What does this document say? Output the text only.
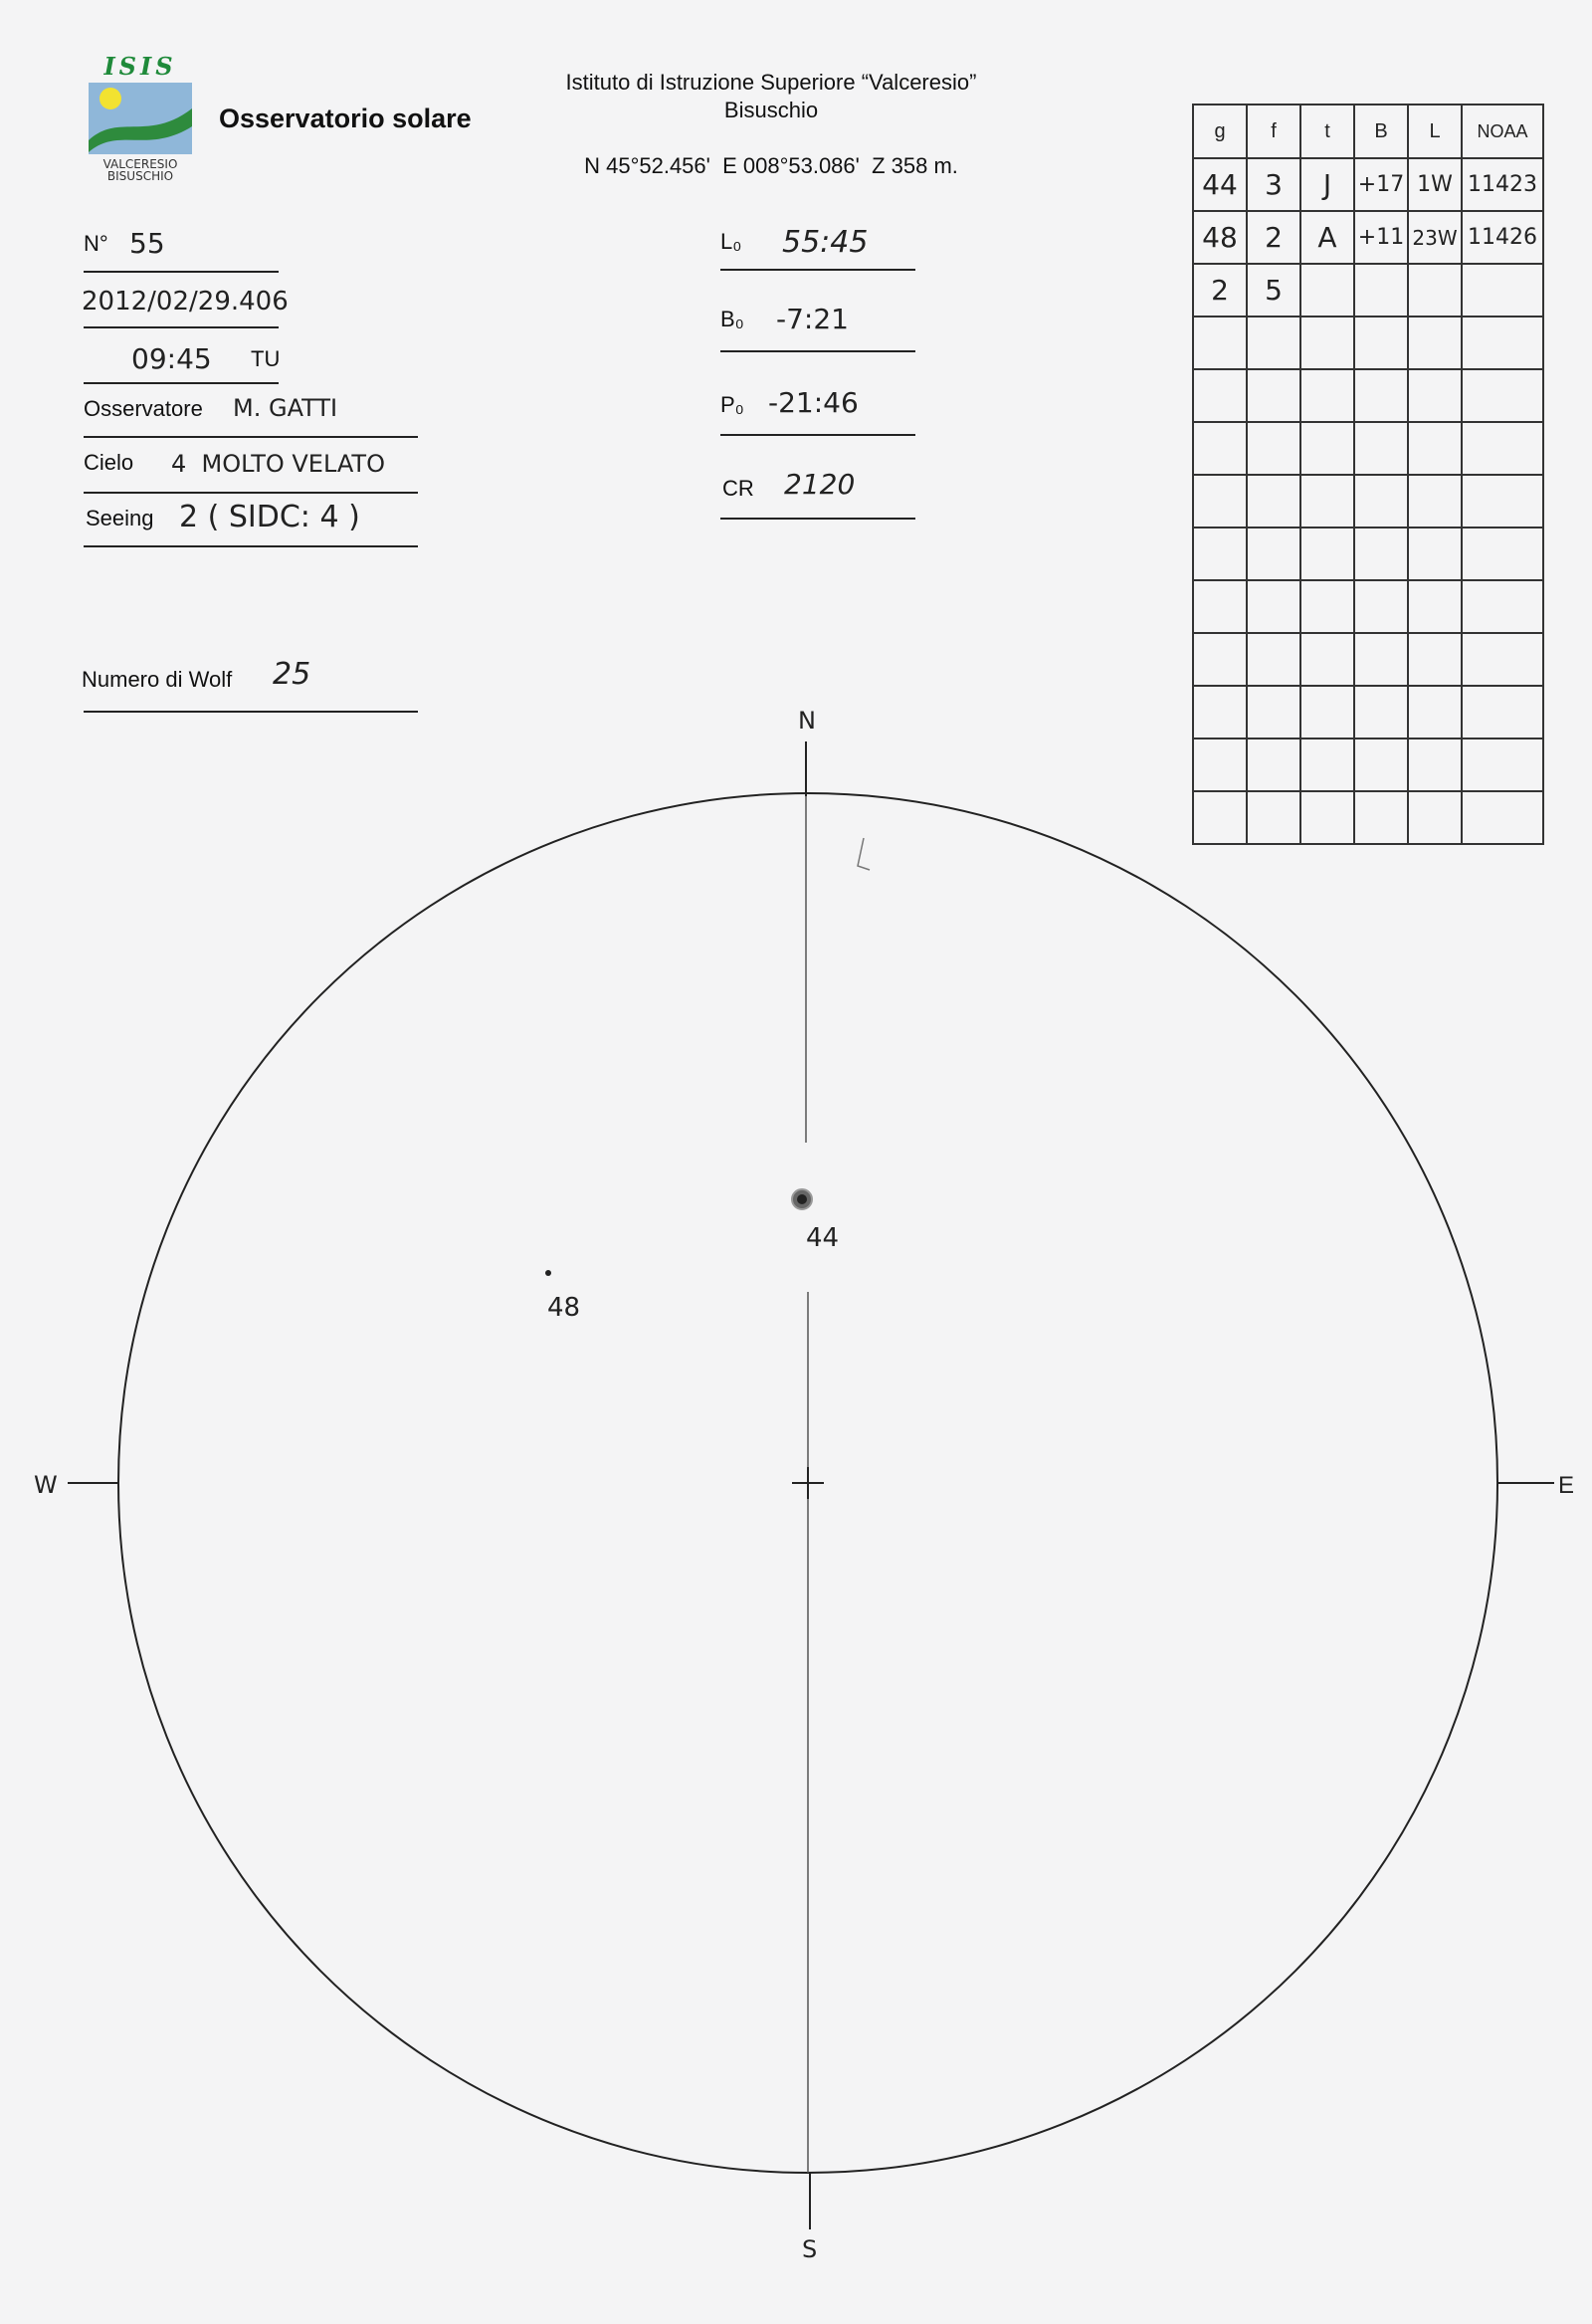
ISIS
VALCERESIO
BISUSCHIO
Osservatorio solare
Istituto di Istruzione Superiore “Valceresio”
Bisuschio
N 45°52.456'  E 008°53.086'  Z 358 m.
N° 55
2012/02/29.406
09:45 TU
Osservatore M. GATTI
Cielo 4  MOLTO VELATO
Seeing 2 ( SIDC: 4 )
Numero di Wolf 25
L₀ 55:45
B₀ -7:21
P₀ -21:46
CR 2120
g	f	t	B	L	NOAA
44	3	J	+17	1W	11423
48	2	A	+11	23W	11426
2	5				

N
S
W	E
44
48
